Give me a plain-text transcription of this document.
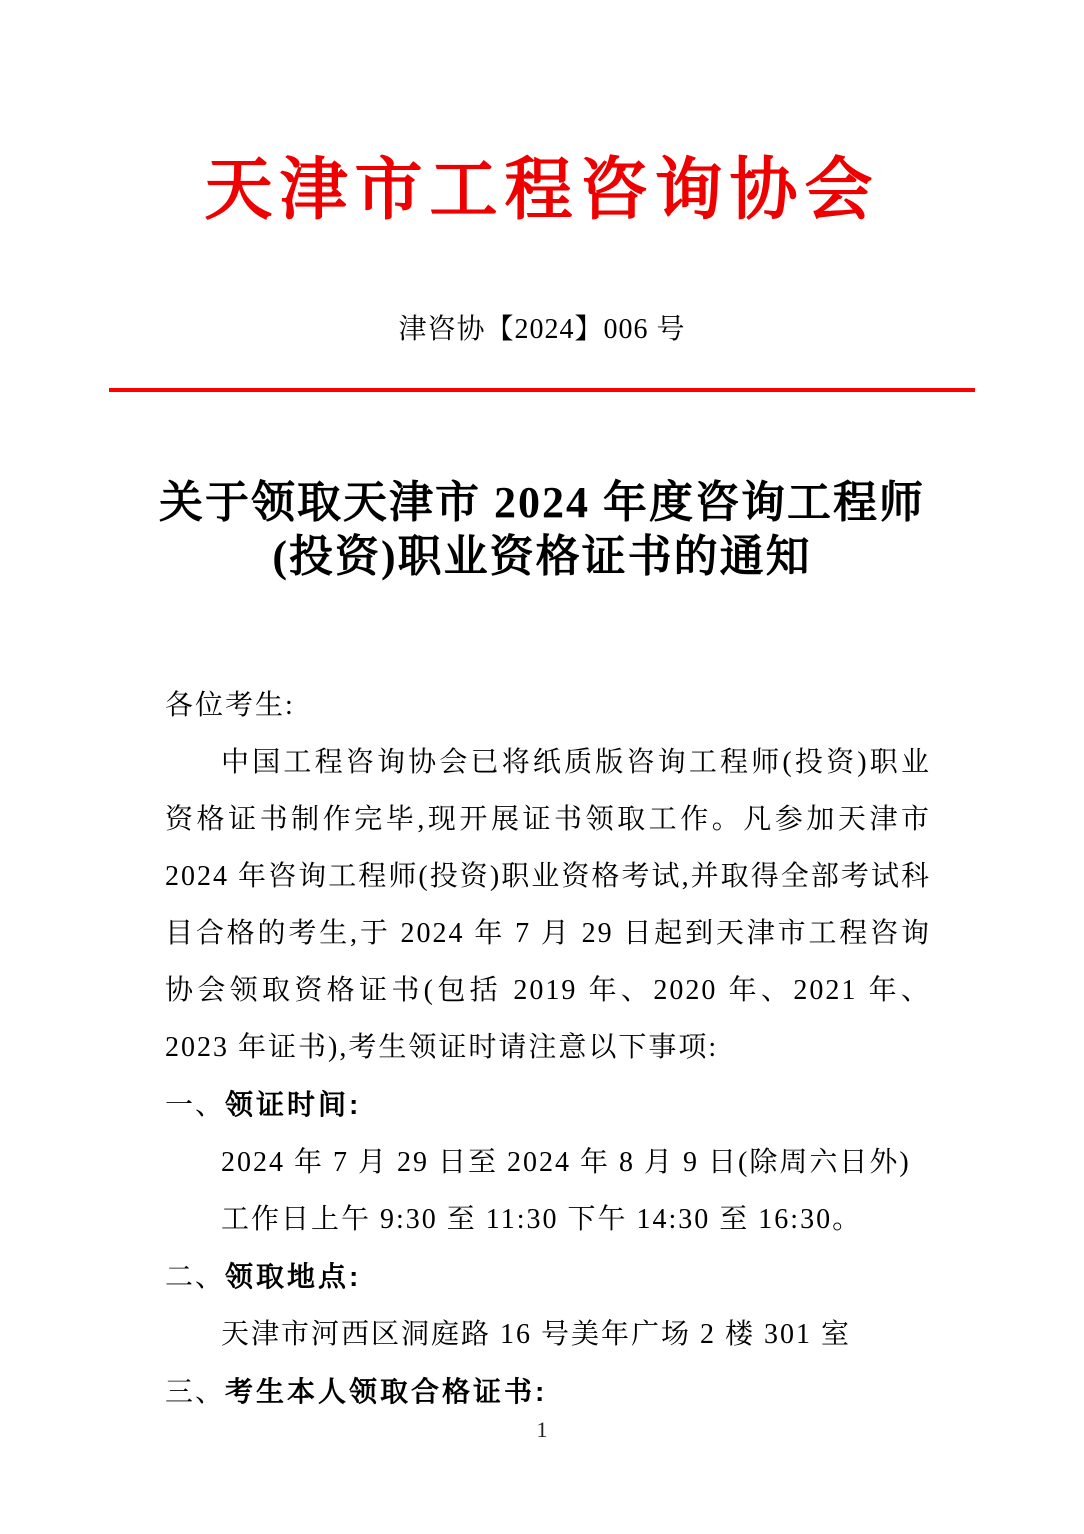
天津市工程咨询协会
津咨协【2024】006 号
关于领取天津市 2024 年度咨询工程师
(投资)职业资格证书的通知

各位考生:

中国工程咨询协会已将纸质版咨询工程师(投资)职业资格证书制作完毕,现开展证书领取工作。凡参加天津市 2024 年咨询工程师(投资)职业资格考试,并取得全部考试科目合格的考生,于 2024 年 7 月 29 日起到天津市工程咨询协会领取资格证书(包括 2019 年、2020 年、2021 年、2023 年证书),考生领证时请注意以下事项:

一、领证时间:

2024 年 7 月 29 日至 2024 年 8 月 9 日(除周六日外)

工作日上午 9:30 至 11:30 下午 14:30 至 16:30。

二、领取地点:

天津市河西区洞庭路 16 号美年广场 2 楼 301 室

三、考生本人领取合格证书:

1
